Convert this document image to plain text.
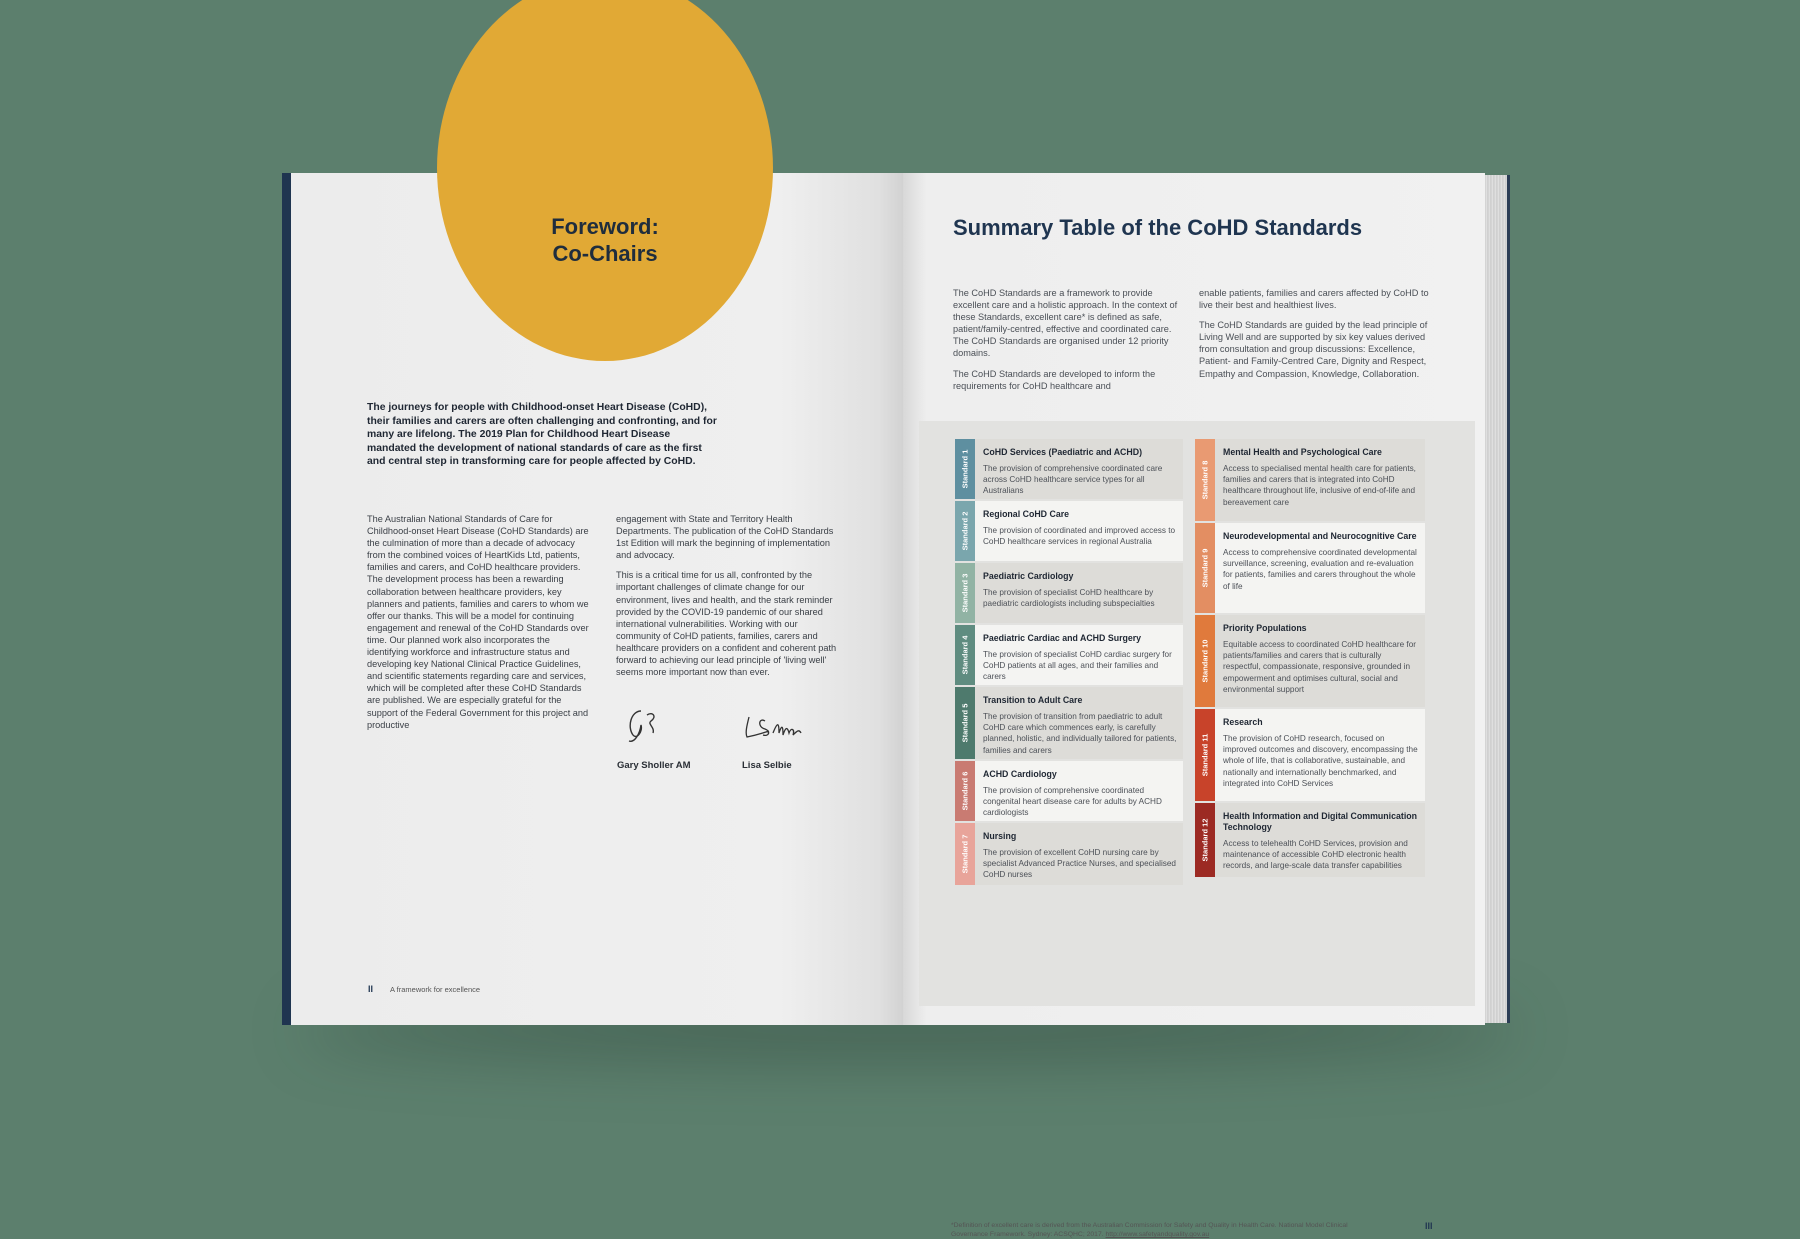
Foreword:
Co-Chairs
The journeys for people with Childhood-onset Heart Disease (CoHD), their families and carers are often challenging and confronting, and for many are lifelong. The 2019 Plan for Childhood Heart Disease mandated the development of national standards of care as the first and central step in transforming care for people affected by CoHD.

The Australian National Standards of Care for Childhood-onset Heart Disease (CoHD Standards) are the culmination of more than a decade of advocacy from the combined voices of HeartKids Ltd, patients, families and carers, and CoHD healthcare providers. The development process has been a rewarding collaboration between healthcare providers, key planners and patients, families and carers to whom we offer our thanks. This will be a model for continuing engagement and renewal of the CoHD Standards over time. Our planned work also incorporates the identifying workforce and infrastructure status and developing key National Clinical Practice Guidelines, and scientific statements regarding care and services, which will be completed after these CoHD Standards are published. We are especially grateful for the support of the Federal Government for this project and productive

engagement with State and Territory Health Departments. The publication of the CoHD Standards 1st Edition will mark the beginning of implementation and advocacy.

This is a critical time for us all, confronted by the important challenges of climate change for our environment, lives and health, and the stark reminder provided by the COVID-19 pandemic of our shared international vulnerabilities. Working with our community of CoHD patients, families, carers and healthcare providers on a confident and coherent path forward to achieving our lead principle of 'living well' seems more important now than ever.

Gary Sholler AM	Lisa Selbie
II A framework for excellence
Summary Table of the CoHD Standards

The CoHD Standards are a framework to provide excellent care and a holistic approach. In the context of these Standards, excellent care* is defined as safe, patient/family-centred, effective and coordinated care. The CoHD Standards are organised under 12 priority domains.

The CoHD Standards are developed to inform the requirements for CoHD healthcare and

enable patients, families and carers affected by CoHD to live their best and healthiest lives.

The CoHD Standards are guided by the lead principle of Living Well and are supported by six key values derived from consultation and group discussions: Excellence, Patient- and Family-Centred Care, Dignity and Respect, Empathy and Compassion, Knowledge, Collaboration.

Standard 1 CoHD Services (Paediatric and ACHD)
The provision of comprehensive coordinated care across CoHD healthcare service types for all Australians
Standard 2 Regional CoHD Care
The provision of coordinated and improved access to CoHD healthcare services in regional Australia
Standard 3 Paediatric Cardiology
The provision of specialist CoHD healthcare by paediatric cardiologists including subspecialties
Standard 4 Paediatric Cardiac and ACHD Surgery
The provision of specialist CoHD cardiac surgery for CoHD patients at all ages, and their families and carers
Standard 5
Transition to Adult Care
The provision of transition from paediatric to adult CoHD care which commences early, is carefully planned, holistic, and individually tailored for patients, families and carers
Standard 6 ACHD Cardiology
The provision of comprehensive coordinated congenital heart disease care for adults by ACHD cardiologists
Standard 7 Nursing
The provision of excellent CoHD nursing care by specialist Advanced Practice Nurses, and specialised CoHD nurses
Standard 8
Mental Health and Psychological Care
Access to specialised mental health care for patients, families and carers that is integrated into CoHD healthcare throughout life, inclusive of end-of-life and bereavement care
Standard 9
Neurodevelopmental and Neurocognitive Care
Access to comprehensive coordinated developmental surveillance, screening, evaluation and re-evaluation for patients, families and carers throughout the whole of life
Standard 10
Priority Populations
Equitable access to coordinated CoHD healthcare for patients/families and carers that is culturally respectful, compassionate, responsive, grounded in empowerment and optimises cultural, social and environmental support
Standard 11
Research
The provision of CoHD research, focused on improved outcomes and discovery, encompassing the whole of life, that is collaborative, sustainable, and nationally and internationally benchmarked, and integrated into CoHD Services
Standard 12
Health Information and Digital Communication Technology
Access to telehealth CoHD Services, provision and maintenance of accessible CoHD electronic health records, and large-scale data transfer capabilities
*Definition of excellent care is derived from the Australian Commission for Safety and Quality in Health Care. National Model Clinical Governance Framework. Sydney: ACSQHC; 2017. http://www.safetyandquality.gov.au
III
